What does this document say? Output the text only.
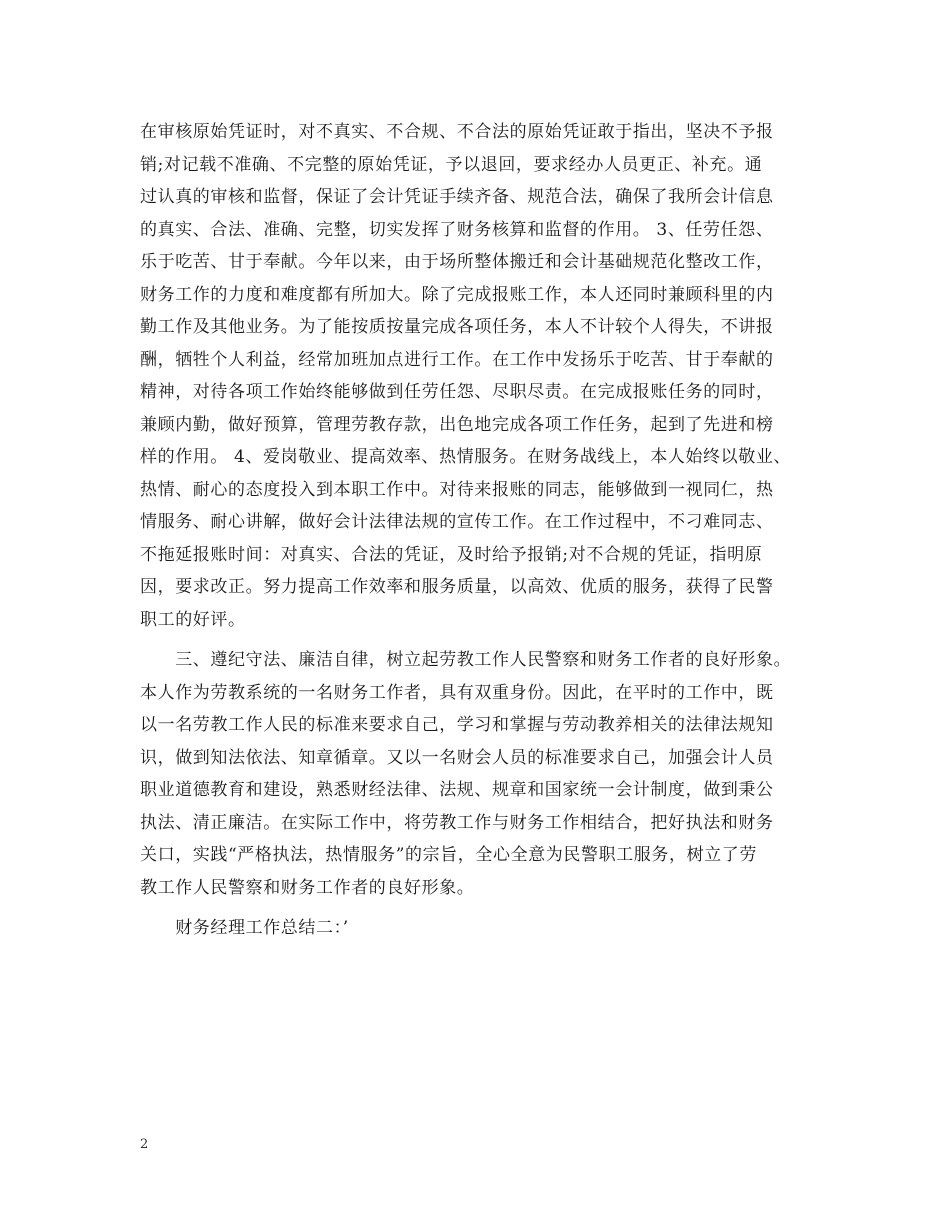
在审核原始凭证时，对不真实、不合规、不合法的原始凭证敢于指出，坚决不予报
销;对记载不准确、不完整的原始凭证，予以退回，要求经办人员更正、补充。通
过认真的审核和监督，保证了会计凭证手续齐备、规范合法，确保了我所会计信息
的真实、合法、准确、完整，切实发挥了财务核算和监督的作用。 3、任劳任怨、
乐于吃苦、甘于奉献。今年以来，由于场所整体搬迁和会计基础规范化整改工作，
财务工作的力度和难度都有所加大。除了完成报账工作，本人还同时兼顾科里的内
勤工作及其他业务。为了能按质按量完成各项任务，本人不计较个人得失，不讲报
酬，牺牲个人利益，经常加班加点进行工作。在工作中发扬乐于吃苦、甘于奉献的
精神，对待各项工作始终能够做到任劳任怨、尽职尽责。在完成报账任务的同时，
兼顾内勤，做好预算，管理劳教存款，出色地完成各项工作任务，起到了先进和榜
样的作用。 4、爱岗敬业、提高效率、热情服务。在财务战线上，本人始终以敬业、
热情、耐心的态度投入到本职工作中。对待来报账的同志，能够做到一视同仁，热
情服务、耐心讲解，做好会计法律法规的宣传工作。在工作过程中，不刁难同志、
不拖延报账时间：对真实、合法的凭证，及时给予报销;对不合规的凭证，指明原
因，要求改正。努力提高工作效率和服务质量，以高效、优质的服务，获得了民警
职工的好评。
　　三、遵纪守法、廉洁自律，树立起劳教工作人民警察和财务工作者的良好形象。
本人作为劳教系统的一名财务工作者，具有双重身份。因此，在平时的工作中，既
以一名劳教工作人民的标准来要求自己，学习和掌握与劳动教养相关的法律法规知
识，做到知法依法、知章循章。又以一名财会人员的标准要求自己，加强会计人员
职业道德教育和建设，熟悉财经法律、法规、规章和国家统一会计制度，做到秉公
执法、清正廉洁。在实际工作中，将劳教工作与财务工作相结合，把好执法和财务
关口，实践“严格执法，热情服务”的宗旨，全心全意为民警职工服务，树立了劳
教工作人民警察和财务工作者的良好形象。
　　财务经理工作总结二：’
2
